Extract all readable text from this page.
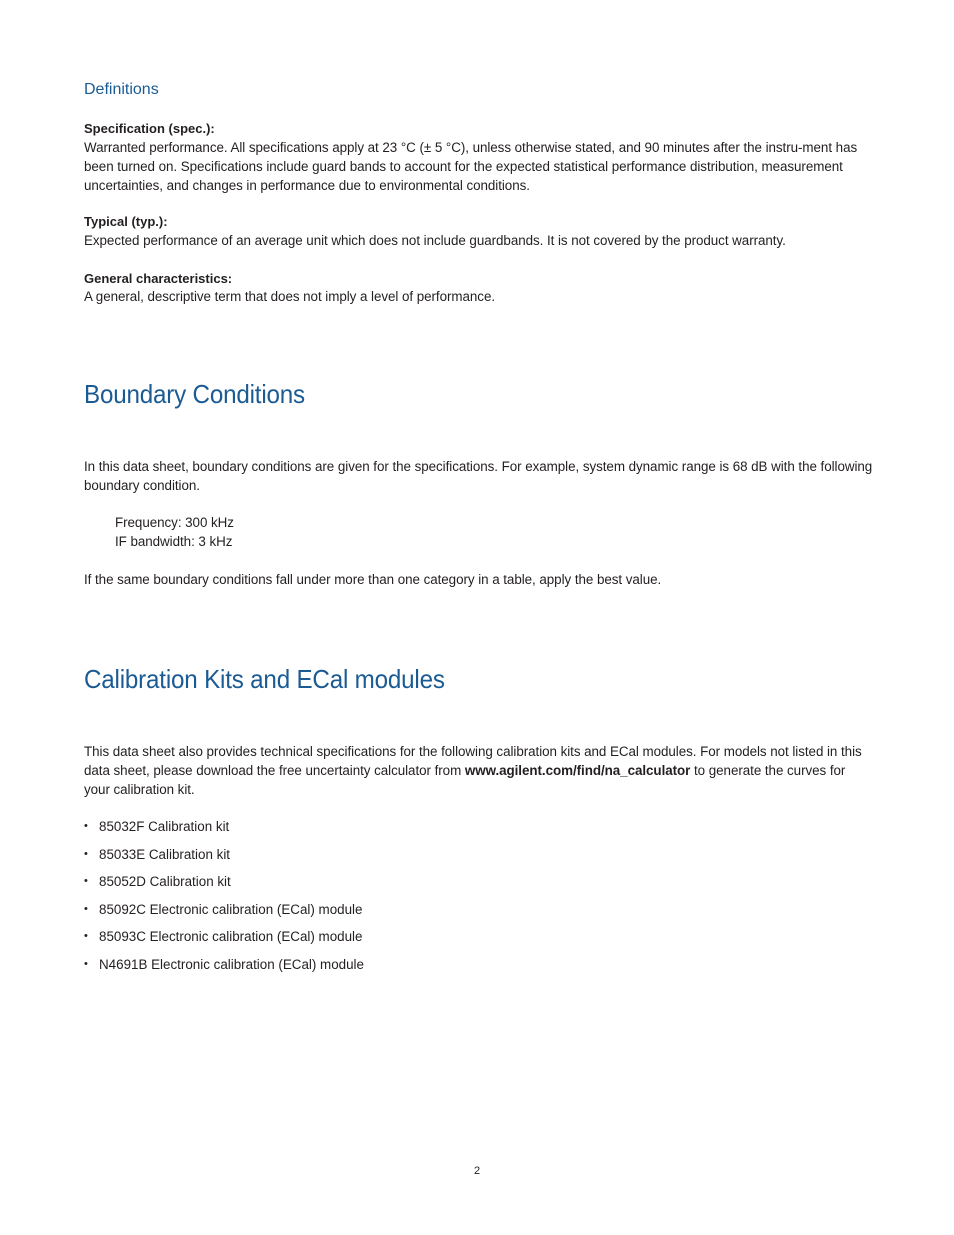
Definitions

Specification (spec.):

Warranted performance. All specifications apply at 23 °C (± 5 °C), unless otherwise stated, and 90 minutes after the instru-ment has been turned on. Specifications include guard bands to account for the expected statistical performance distribution, measurement uncertainties, and changes in performance due to environmental conditions.

Typical (typ.):

Expected performance of an average unit which does not include guardbands. It is not covered by the product warranty.

General characteristics:

A general, descriptive term that does not imply a level of performance.

Boundary Conditions

In this data sheet, boundary conditions are given for the specifications. For example, system dynamic range is 68 dB with the following boundary condition.

Frequency: 300 kHz

IF bandwidth: 3 kHz

If the same boundary conditions fall under more than one category in a table, apply the best value.

Calibration Kits and ECal modules

This data sheet also provides technical specifications for the following calibration kits and ECal modules. For models not listed in this data sheet, please download the free uncertainty calculator from www.agilent.com/find/na_calculator to generate the curves for your calibration kit.

• 85032F Calibration kit
• 85033E Calibration kit
• 85052D Calibration kit
• 85092C Electronic calibration (ECal) module
• 85093C Electronic calibration (ECal) module
• N4691B Electronic calibration (ECal) module
2
